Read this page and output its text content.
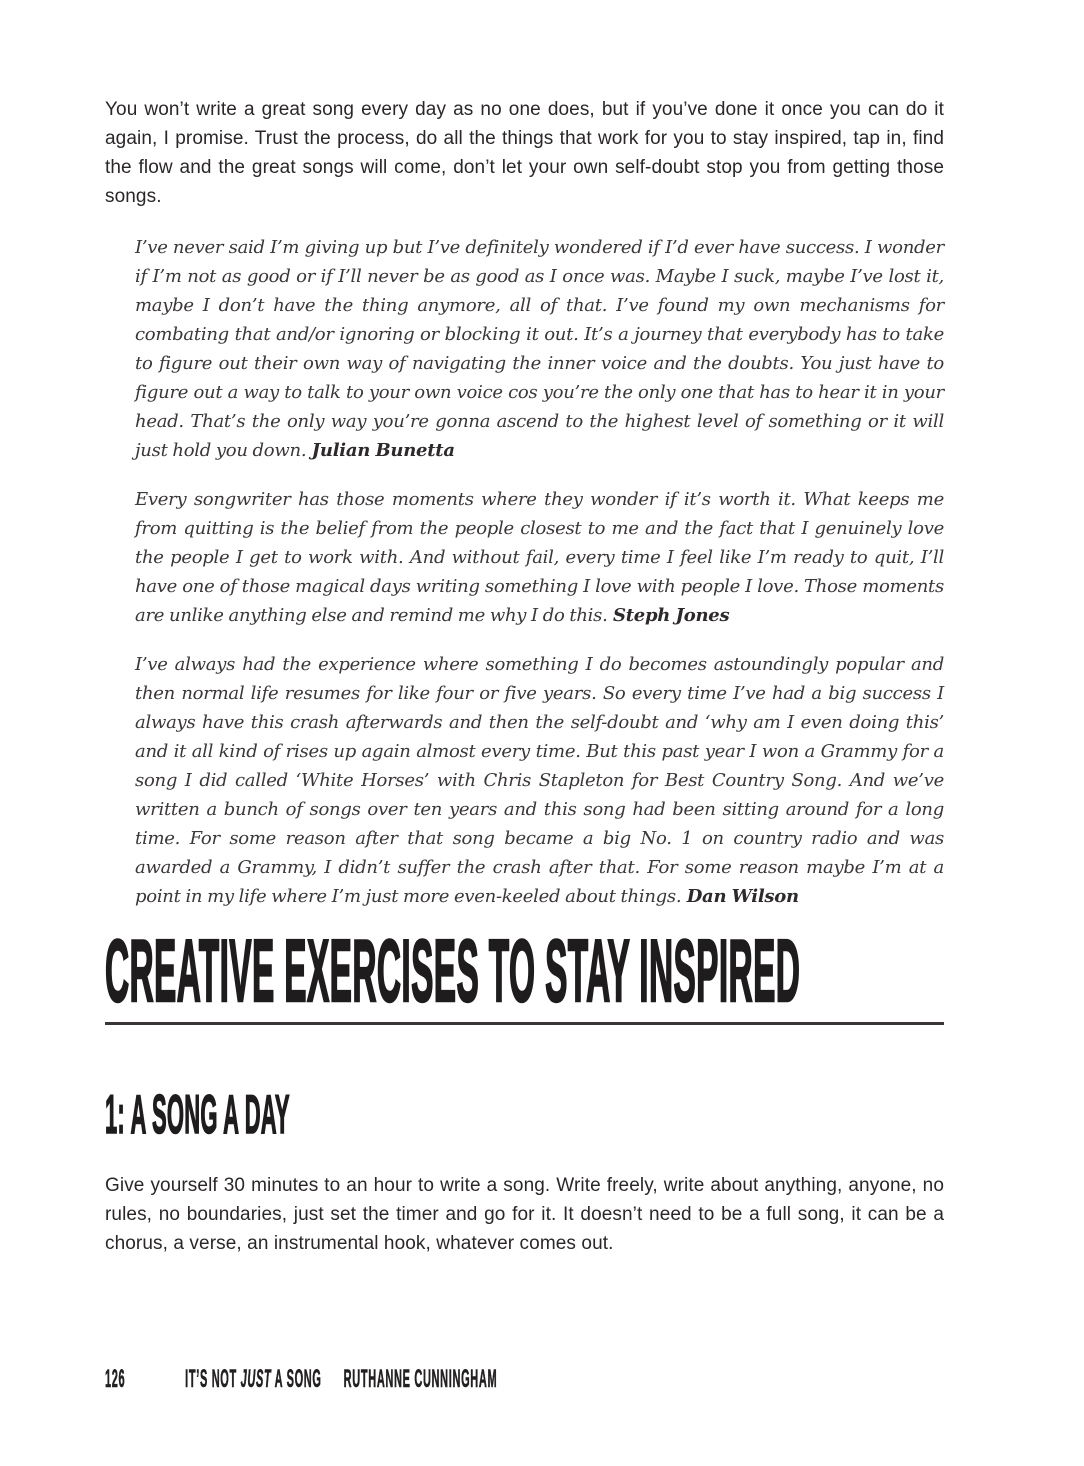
You won’t write a great song every day as no one does, but if you’ve done it once you can do it again, I promise. Trust the process, do all the things that work for you to stay inspired, tap in, find the flow and the great songs will come, don’t let your own self-doubt stop you from getting those songs.

I’ve never said I’m giving up but I’ve definitely wondered if I’d ever have success. I wonder if I’m not as good or if I’ll never be as good as I once was. Maybe I suck, maybe I’ve lost it, maybe I don’t have the thing anymore, all of that. I’ve found my own mechanisms for combating that and/or ignoring or blocking it out. It’s a journey that everybody has to take to figure out their own way of navigating the inner voice and the doubts. You just have to figure out a way to talk to your own voice cos you’re the only one that has to hear it in your head. That’s the only way you’re gonna ascend to the highest level of something or it will just hold you down. Julian Bunetta

Every songwriter has those moments where they wonder if it’s worth it. What keeps me from quitting is the belief from the people closest to me and the fact that I genuinely love the people I get to work with. And without fail, every time I feel like I’m ready to quit, I’ll have one of those magical days writing something I love with people I love. Those moments are unlike anything else and remind me why I do this. Steph Jones

I’ve always had the experience where something I do becomes astoundingly popular and then normal life resumes for like four or five years. So every time I’ve had a big success I always have this crash afterwards and then the self-doubt and ‘why am I even doing this’ and it all kind of rises up again almost every time. But this past year I won a Grammy for a song I did called ‘White Horses’ with Chris Stapleton for Best Country Song. And we’ve written a bunch of songs over ten years and this song had been sitting around for a long time. For some reason after that song became a big No. 1 on country radio and was awarded a Grammy, I didn’t suffer the crash after that. For some reason maybe I’m at a point in my life where I’m just more even-keeled about things. Dan Wilson

CREATIVE EXERCISES TO STAY INSPIRED
1: A SONG A DAY

Give yourself 30 minutes to an hour to write a song. Write freely, write about anything, anyone, no rules, no boundaries, just set the timer and go for it. It doesn’t need to be a full song, it can be a chorus, a verse, an instrumental hook, whatever comes out.

126 IT’S NOT JUST A SONG RUTHANNE CUNNINGHAM
